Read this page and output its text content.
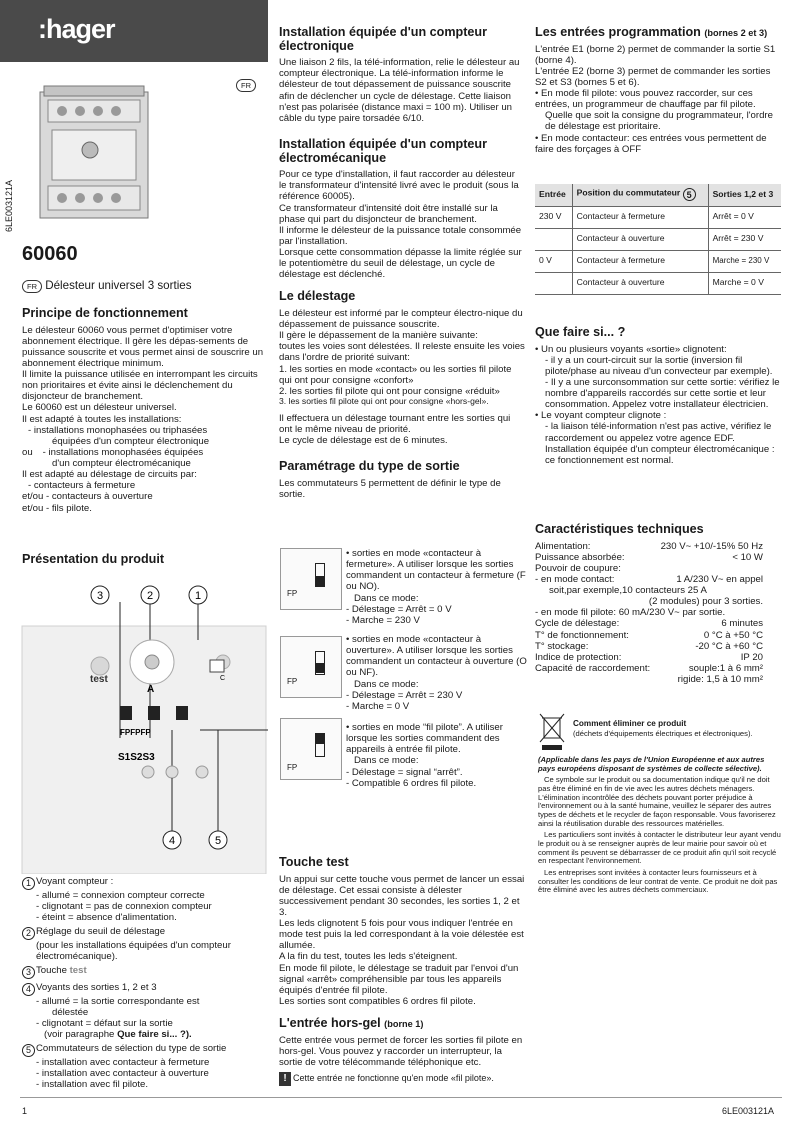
:hager
FR
6LE003121A
60060
FR Délesteur universel 3 sorties
Principe de fonctionnement

Le délesteur 60060 vous permet d'optimiser votre abonnement électrique. Il gère les dépas-sements de puissance souscrite et vous permet ainsi de souscrire un abonnement électrique minimum.

Il limite la puissance utilisée en interrompant les circuits non prioritaires et évite ainsi le déclenchement du disjoncteur de branchement.

Le 60060 est un délesteur universel.

Il est adapté à toutes les installations:

- installations monophasées ou triphasées

équipées d'un compteur électronique

ou - installations monophasées équipées

d'un compteur électromécanique

Il est adapté au délestage de circuits par:

- contacteurs à fermeture

et/ou - contacteurs à ouverture

et/ou - fils pilote.

Présentation du produit
3	2	1
test
A
C
FPFPFP
S1S2S3
4	5

1 Voyant compteur :

- allumé = connexion compteur correcte

- clignotant = pas de connexion compteur

- éteint = absence d'alimentation.

2 Réglage du seuil de délestage

(pour les installations équipées d'un compteur électromécanique).

3 Touche test

4 Voyants des sorties 1, 2 et 3

- allumé = la sortie correspondante est

délestée

- clignotant = défaut sur la sortie

(voir paragraphe Que faire si... ?).

5 Commutateurs de sélection du type de sortie

- installation avec contacteur à fermeture

- installation avec contacteur à ouverture

- installation avec fil pilote.

Installation équipée d'un compteur électronique

Une liaison 2 fils, la télé-information, relie le délesteur au compteur électronique. La télé-information informe le délesteur de tout dépassement de puissance souscrite afin de déclencher un cycle de délestage. Cette liaison n'est pas polarisée (distance maxi = 100 m). Utiliser un câble du type paire torsadée 6/10.

Installation équipée d'un compteur électromécanique

Pour ce type d'installation, il faut raccorder au délesteur le transformateur d'intensité livré avec le produit (sous la référence 60005).

Ce transformateur d'intensité doit être installé sur la phase qui part du disjoncteur de branchement.

Il informe le délesteur de la puissance totale consommée par l'installation.

Lorsque cette consommation dépasse la limite réglée sur le potentiomètre du seuil de délestage, un cycle de délestage est déclenché.

Le délestage

Le délesteur est informé par le compteur électro-nique du dépassement de puissance souscrite.

Il gère le dépassement de la manière suivante:

toutes les voies sont délestées. Il releste ensuite les voies dans l'ordre de priorité suivant:

1. les sorties en mode «contact» ou les sorties fil pilote qui ont pour consigne «confort»

2. les sorties fil pilote qui ont pour consigne «réduit»

3. les sorties fil pilote qui ont pour consigne «hors-gel».

Il effectuera un délestage tournant entre les sorties qui ont le même niveau de priorité.

Le cycle de délestage est de 6 minutes.

Paramétrage du type de sortie

Les commutateurs 5 permettent de définir le type de sortie.

FP
FP
FP

• sorties en mode «contacteur à fermeture». A utiliser lorsque les sorties commandent un contacteur à fermeture (F ou NO).

Dans ce mode:

- Délestage = Arrêt = 0 V

- Marche = 230 V

• sorties en mode «contacteur à ouverture». A utiliser lorsque les sorties commandent un contacteur à ouverture (O ou NF).

Dans ce mode:

- Délestage = Arrêt = 230 V

- Marche = 0 V

• sorties en mode “fil pilote”. A utiliser lorsque les sorties commandent des appareils à entrée fil pilote.

Dans ce mode:

- Délestage = signal “arrêt”.

- Compatible 6 ordres fil pilote.

Touche test

Un appui sur cette touche vous permet de lancer un essai de délestage. Cet essai consiste à délester successivement pendant 30 secondes, les sorties 1, 2 et 3.

Les leds clignotent 5 fois pour vous indiquer l'entrée en mode test puis la led correspondant à la voie délestée est allumée.

A la fin du test, toutes les leds s'éteignent.

En mode fil pilote, le délestage se traduit par l'envoi d'un signal «arrêt» compréhensible par tous les appareils équipés d'entrée fil pilote.

Les sorties sont compatibles 6 ordres fil pilote.

L'entrée hors-gel (borne 1)

Cette entrée vous permet de forcer les sorties fil pilote en hors-gel. Vous pouvez y raccorder un interrupteur, la sortie de votre télécommande téléphonique etc.

! Cette entrée ne fonctionne qu'en mode «fil pilote».

Les entrées programmation (bornes 2 et 3)

L'entrée E1 (borne 2) permet de commander la sortie S1 (borne 4).

L'entrée E2 (borne 3) permet de commander les sorties S2 et S3 (bornes 5 et 6).

• En mode fil pilote: vous pouvez raccorder, sur ces entrées, un programmeur de chauffage par fil pilote.

Quelle que soit la consigne du programmateur, l'ordre de délestage est prioritaire.

• En mode contacteur: ces entrées vous permettent de faire des forçages à OFF

Entrée	Position du commutateur 5	Sorties 1,2 et 3
230 V	Contacteur à fermeture	Arrêt = 0 V
	Contacteur à ouverture	Arrêt = 230 V
0 V	Contacteur à fermeture	Marche = 230 V
	Contacteur à ouverture	Marche = 0 V
Que faire si... ?

• Un ou plusieurs voyants «sortie» clignotent:

- il y a un court-circuit sur la sortie (inversion fil pilote/phase au niveau d'un convecteur par exemple).

- Il y a une surconsommation sur cette sortie: vérifiez le nombre d'appareils raccordés sur cette sortie et leur consommation. Appelez votre installateur électricien.

• Le voyant compteur clignote :

- la liaison télé-information n'est pas active, vérifiez le raccordement ou appelez votre agence EDF.

Installation équipée d'un compteur électromécanique : ce fonctionnement est normal.

Caractéristiques techniques
Alimentation:	230 V~ +10/-15% 50 Hz
Puissance absorbée:	< 10 W
Pouvoir de coupure:
- en mode contact:	1 A/230 V~ en appel
soit,par exemple,10 contacteurs 25 A
(2 modules) pour 3 sorties.
- en mode fil pilote: 60 mA/230 V~ par sortie.
Cycle de délestage:	6 minutes
T° de fonctionnement:	0 °C à +50 °C
T° stockage:	-20 °C à +60 °C
Indice de protection:	IP 20
Capacité de raccordement:	souple:1 à 6 mm²
rigide: 1,5 à 10 mm²

Comment éliminer ce produit

(déchets d'équipements électriques et électroniques).

(Applicable dans les pays de l'Union Européenne et aux autres pays européens disposant de systèmes de collecte sélective).

Ce symbole sur le produit ou sa documentation indique qu'il ne doit pas être éliminé en fin de vie avec les autres déchets ménagers. L'élimination incontrôlée des déchets pouvant porter préjudice à l'environnement ou à la santé humaine, veuillez le séparer des autres types de déchets et le recycler de façon responsable. Vous favoriserez ainsi la réutilisation durable des ressources matérielles.

Les particuliers sont invités à contacter le distributeur leur ayant vendu le produit ou à se renseigner auprès de leur mairie pour savoir où et comment ils peuvent se débarrasser de ce produit afin qu'il soit recyclé en respectant l'environnement.

Les entreprises sont invitées à contacter leurs fournisseurs et à consulter les conditions de leur contrat de vente. Ce produit ne doit pas être éliminé avec les autres déchets commerciaux.

1	6LE003121A
